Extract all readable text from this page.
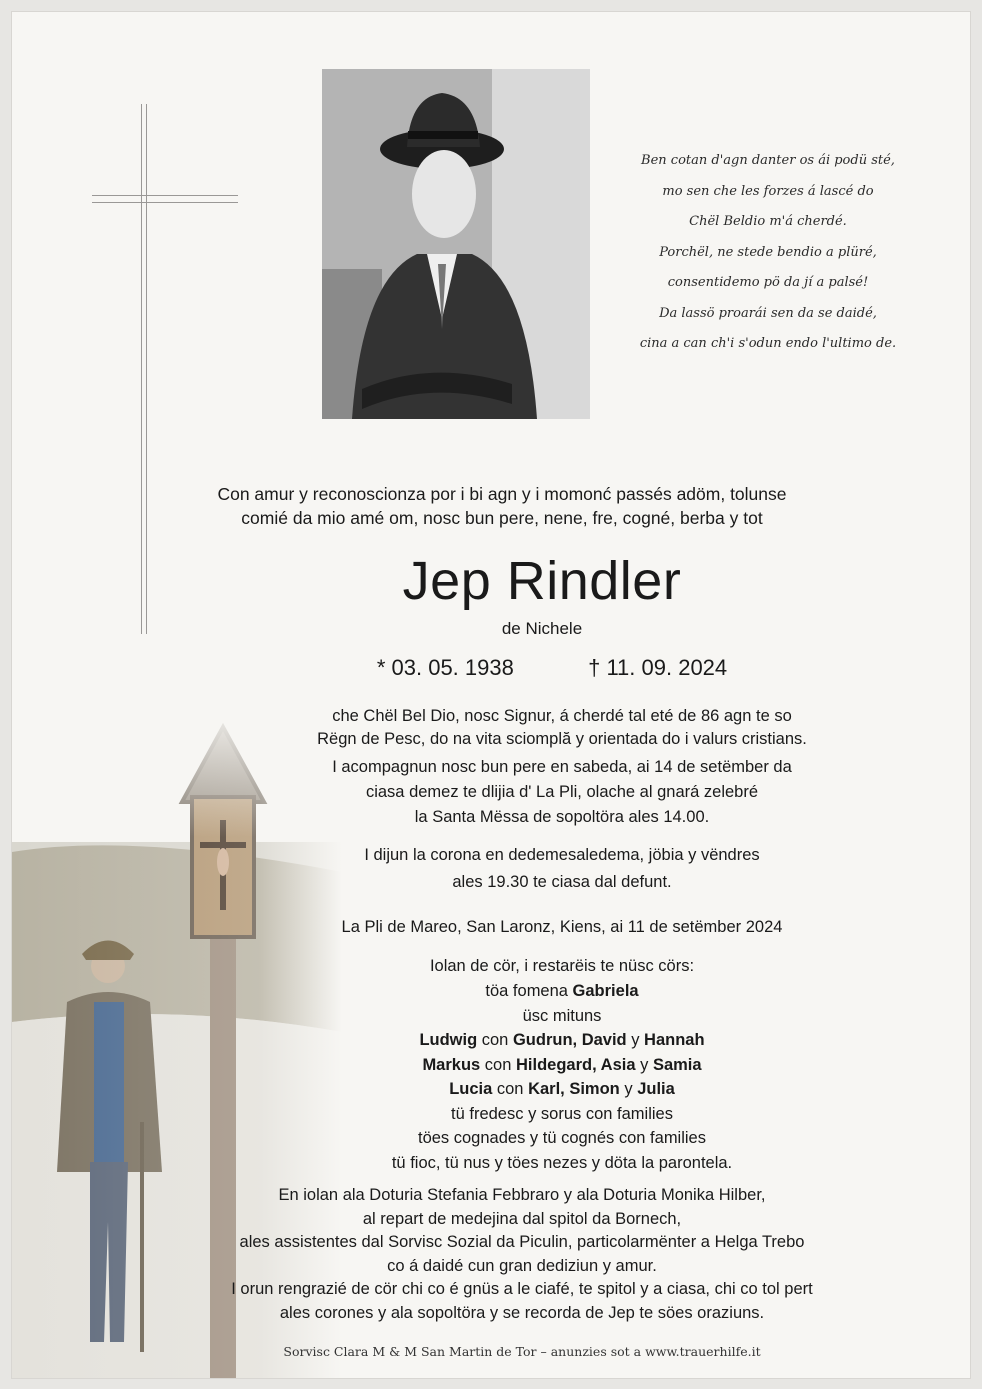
Ben cotan d'agn danter os ái podü sté,
mo sen che les forzes á lascé do
Chël Beldio m'á cherdé.
Porchël, ne stede bendio a plüré,
consentidemo pö da jí a palsé!
Da lassö proarái sen da se daidé,
cina a can ch'i s'odun endo l'ultimo de.
Con amur y reconoscionza por i bi agn y i momonć passés adöm, tolunse
comié da mio amé om, nosc bun pere, nene, fre, cogné, berba y tot
Jep Rindler
de Nichele
* 03. 05. 1938	† 11. 09. 2024
che Chël Bel Dio, nosc Signur, á cherdé tal eté de 86 agn te so
Rëgn de Pesc, do na vita sciomplă y orientada do i valurs cristians.
I acompagnun nosc bun pere en sabeda, ai 14 de setëmber da
ciasa demez te dlijia d' La Pli, olache al gnará zelebré
la Santa Mëssa de sopoltöra ales 14.00.
I dijun la corona en dedemesaledema, jöbia y vëndres
ales 19.30 te ciasa dal defunt.
La Pli de Mareo, San Laronz, Kiens, ai 11 de setëmber 2024
Iolan de cör, i restarëis te nüsc cörs:
töa fomena Gabriela
üsc mituns
Ludwig con Gudrun, David y Hannah
Markus con Hildegard, Asia y Samia
Lucia con Karl, Simon y Julia
tü fredesc y sorus con families
töes cognades y tü cognés con families
tü fioc, tü nus y töes nezes y döta la parontela.
En iolan ala Doturia Stefania Febbraro y ala Doturia Monika Hilber,
al repart de medejina dal spitol da Bornech,
ales assistentes dal Sorvisc Sozial da Piculin, particolarmënter a Helga Trebo
co á daidé cun gran dediziun y amur.
I orun rengrazié de cör chi co é gnüs a le ciafé, te spitol y a ciasa, chi co tol pert
ales corones y ala sopoltöra y se recorda de Jep te söes oraziuns.
Sorvisc Clara M & M San Martin de Tor – anunzies sot a www.trauerhilfe.it
